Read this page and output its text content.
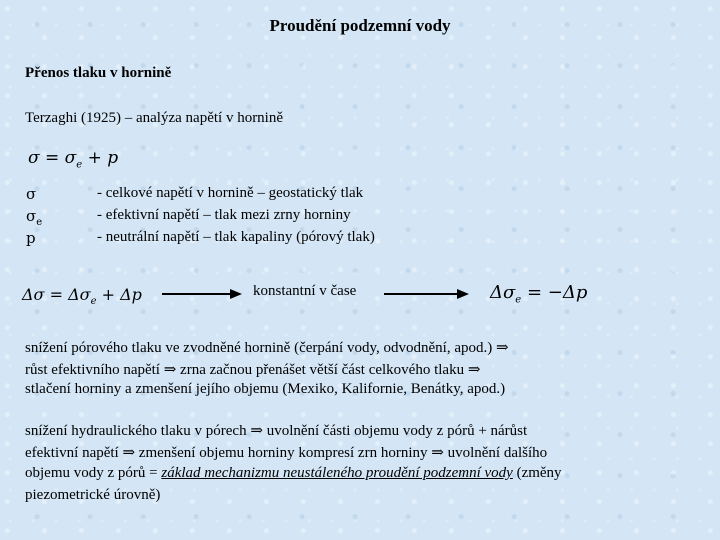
Proudění podzemní vody
Přenos tlaku v hornině
Terzaghi (1925) – analýza napětí v hornině
$\sigma = \sigma_e + p$
σ	- celkové napětí v hornině – geostatický tlak
$\sigma_e$	- efektivní napětí – tlak mezi zrny horniny
p	- neutrální napětí – tlak kapaliny (pórový tlak)
$\Delta\sigma = \Delta\sigma_e + \Delta p$	konstantní v čase	$\Delta\sigma_e = -\Delta p$
snížení pórového tlaku ve zvodněné hornině (čerpání vody, odvodnění, apod.) ⇒
růst efektivního napětí ⇒ zrna začnou přenášet větší část celkového tlaku ⇒
stlačení horniny a zmenšení jejího objemu (Mexiko, Kalifornie, Benátky, apod.)
snížení hydraulického tlaku v pórech ⇒ uvolnění části objemu vody z pórů + nárůst
efektivní napětí ⇒ zmenšení objemu horniny kompresí zrn horniny ⇒ uvolnění dalšího
objemu vody z pórů = základ mechanizmu neustáleného proudění podzemní vody (změny
piezometrické úrovně)
